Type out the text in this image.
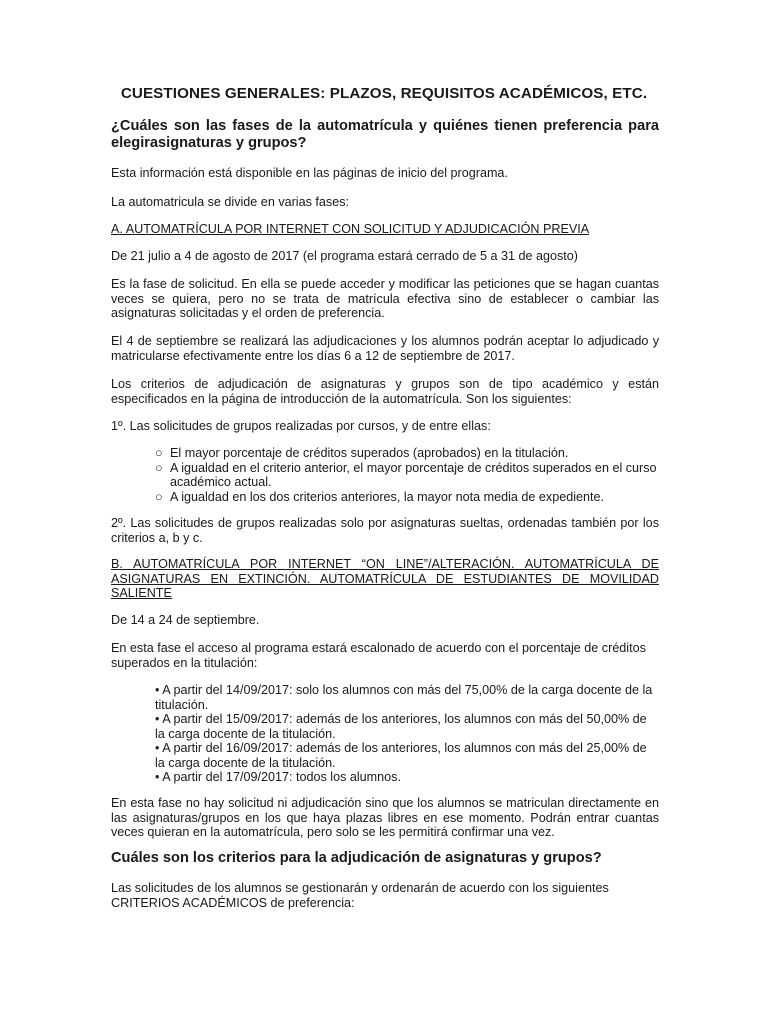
CUESTIONES GENERALES: PLAZOS, REQUISITOS ACADÉMICOS, ETC.
¿Cuáles son las fases de la automatrícula y quiénes tienen preferencia para elegirasignaturas y grupos?

Esta información está disponible en las páginas de inicio del programa.

La automatricula se divide en varias fases:

A. AUTOMATRÍCULA POR INTERNET CON SOLICITUD Y ADJUDICACIÓN PREVIA

De 21 julio a 4 de agosto de 2017 (el programa estará cerrado de 5 a 31 de agosto)

Es la fase de solicitud. En ella se puede acceder y modificar las peticiones que se hagan cuantas veces se quiera, pero no se trata de matrícula efectiva sino de establecer o cambiar las asignaturas solicitadas y el orden de preferencia.

El 4 de septiembre se realizará las adjudicaciones y los alumnos podrán aceptar lo adjudicado y matricularse efectivamente entre los días 6 a 12 de septiembre de 2017.

Los criterios de adjudicación de asignaturas y grupos son de tipo académico y están especificados en la página de introducción de la automatrícula. Son los siguientes:

1º. Las solicitudes de grupos realizadas por cursos, y de entre ellas:

○ El mayor porcentaje de créditos superados (aprobados) en la titulación.

○ A igualdad en el criterio anterior, el mayor porcentaje de créditos superados en el curso académico actual.

○ A igualdad en los dos criterios anteriores, la mayor nota media de expediente.

2º. Las solicitudes de grupos realizadas solo por asignaturas sueltas, ordenadas también por los criterios a, b y c.

B. AUTOMATRÍCULA POR INTERNET “ON LINE”/ALTERACIÓN. AUTOMATRÍCULA DE ASIGNATURAS EN EXTINCIÓN. AUTOMATRÍCULA DE ESTUDIANTES DE MOVILIDAD SALIENTE

De 14 a 24 de septiembre.

En esta fase el acceso al programa estará escalonado de acuerdo con el porcentaje de créditos superados en la titulación:

• A partir del 14/09/2017: solo los alumnos con más del 75,00% de la carga docente de la titulación.

• A partir del 15/09/2017: además de los anteriores, los alumnos con más del 50,00% de la carga docente de la titulación.

• A partir del 16/09/2017: además de los anteriores, los alumnos con más del 25,00% de la carga docente de la titulación.

• A partir del 17/09/2017: todos los alumnos.

En esta fase no hay solicitud ni adjudicación sino que los alumnos se matriculan directamente en las asignaturas/grupos en los que haya plazas libres en ese momento. Podrán entrar cuantas veces quieran en la automatrícula, pero solo se les permitirá confirmar una vez.

Cuáles son los criterios para la adjudicación de asignaturas y grupos?

Las solicitudes de los alumnos se gestionarán y ordenarán de acuerdo con los siguientes CRITERIOS ACADÉMICOS de preferencia:
